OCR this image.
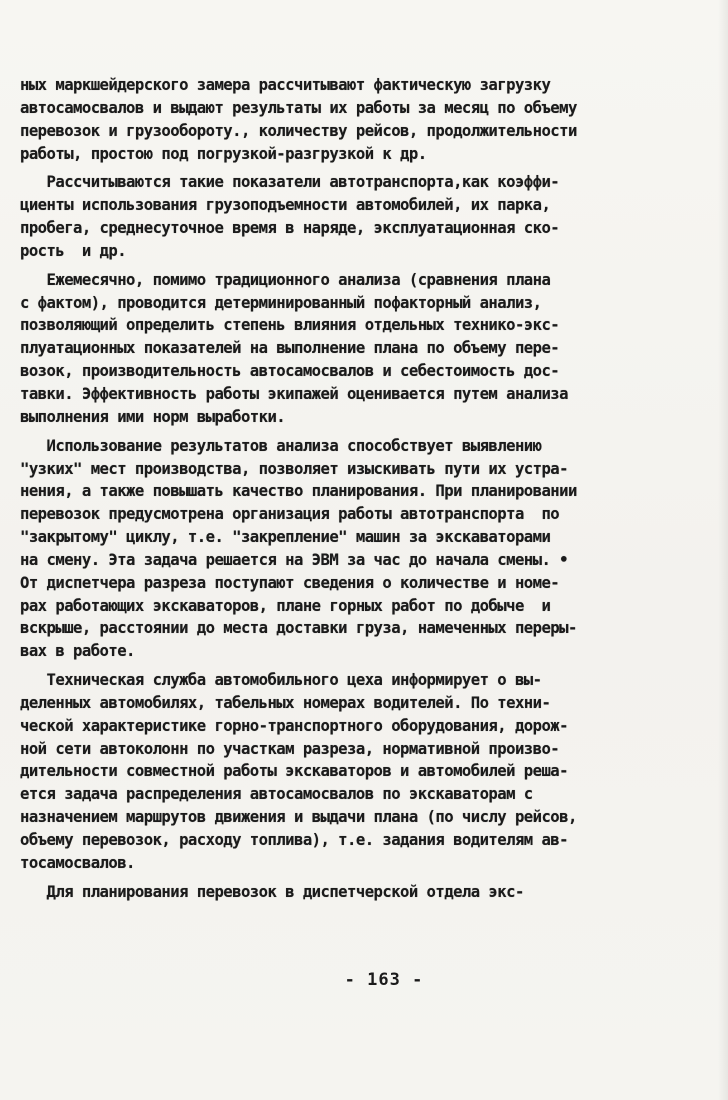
ных маркшейдерского замера рассчитывают фактическую загрузку
автосамосвалов и выдают результаты их работы за месяц по объему
перевозок и грузообороту., количеству рейсов, продолжительности
работы, простою под погрузкой-разгрузкой к др.
Рассчитываются такие показатели автотранспорта,как коэффи-
циенты использования грузоподъемности автомобилей, их парка,
пробега, среднесуточное время в наряде, эксплуатационная ско-
рость  и др.
Ежемесячно, помимо традиционного анализа (сравнения плана
с фактом), проводится детерминированный пофакторный анализ,
позволяющий определить степень влияния отдельных технико-экс-
плуатационных показателей на выполнение плана по объему пере-
возок, производительность автосамосвалов и себестоимость дос-
тавки. Эффективность работы экипажей оценивается путем анализа
выполнения ими норм выработки.
Использование результатов анализа способствует выявлению
"узких" мест производства, позволяет изыскивать пути их устра-
нения, а также повышать качество планирования. При планировании
перевозок предусмотрена организация работы автотранспорта  по
"закрытому" циклу, т.е. "закрепление" машин за экскаваторами
на смену. Эта задача решается на ЭВМ за час до начала смены. •
От диспетчера разреза поступают сведения о количестве и номе-
рах работающих экскаваторов, плане горных работ по добыче  и
вскрыше, расстоянии до места доставки груза, намеченных переры-
вах в работе.
Техническая служба автомобильного цеха информирует о вы-
деленных автомобилях, табельных номерах водителей. По техни-
ческой характеристике горно-транспортного оборудования, дорож-
ной сети автоколонн по участкам разреза, нормативной произво-
дительности совместной работы экскаваторов и автомобилей реша-
ется задача распределения автосамосвалов по экскаваторам с
назначением маршрутов движения и выдачи плана (по числу рейсов,
объему перевозок, расходу топлива), т.е. задания водителям ав-
тосамосвалов.
Для планирования перевозок в диспетчерской отдела экс-
- 163 -
